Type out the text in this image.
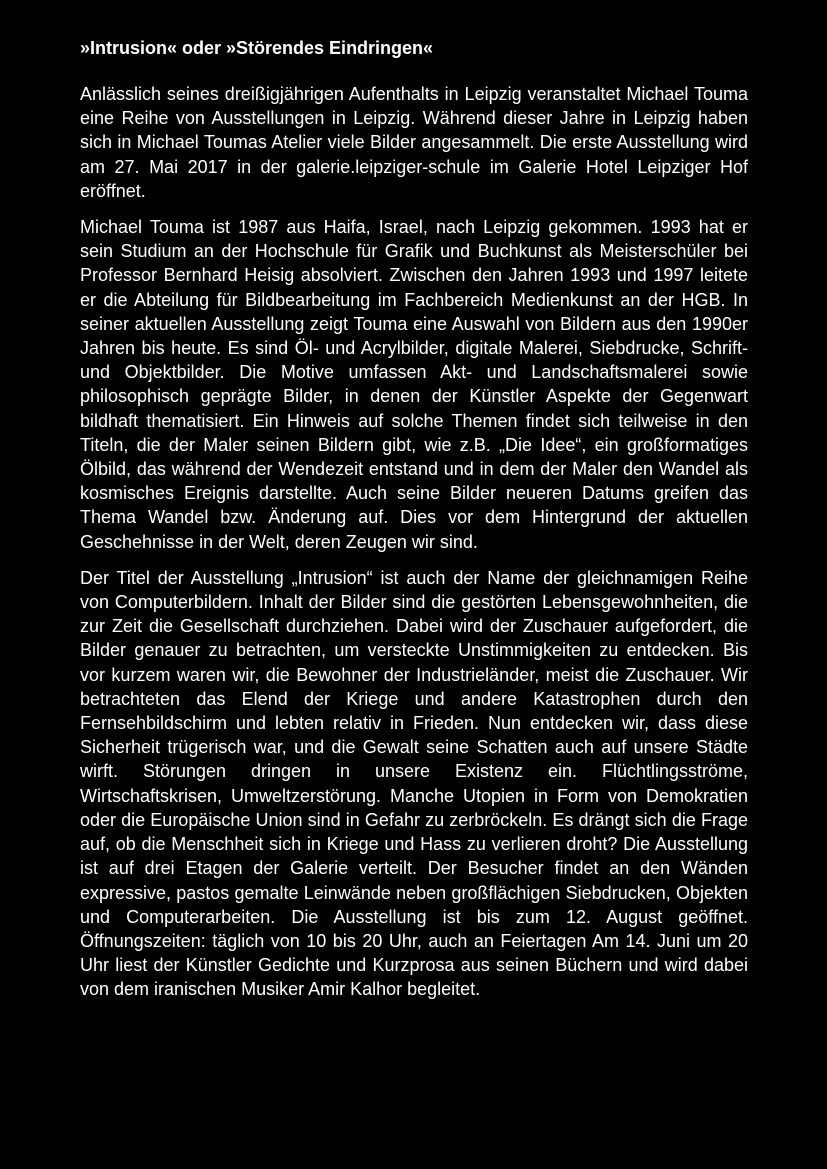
»Intrusion« oder »Störendes Eindringen«

Anlässlich seines dreißigjährigen Aufenthalts in Leipzig veranstaltet Michael Touma eine Reihe von Ausstellungen in Leipzig. Während dieser Jahre in Leipzig haben sich in Michael Toumas Atelier viele Bilder angesammelt. Die erste Ausstellung wird am 27. Mai 2017 in der galerie.leipziger-schule im Galerie Hotel Leipziger Hof eröffnet.

Michael Touma ist 1987 aus Haifa, Israel, nach Leipzig gekommen. 1993 hat er sein Studium an der Hochschule für Grafik und Buchkunst als Meisterschüler bei Professor Bernhard Heisig absolviert. Zwischen den Jahren 1993 und 1997 leitete er die Abteilung für Bildbearbeitung im Fachbereich Medienkunst an der HGB. In seiner aktuellen Ausstellung zeigt Touma eine Auswahl von Bildern aus den 1990er Jahren bis heute. Es sind Öl- und Acrylbilder, digitale Malerei, Siebdrucke, Schrift- und Objektbilder. Die Motive umfassen Akt- und Landschaftsmalerei sowie philosophisch geprägte Bilder, in denen der Künstler Aspekte der Gegenwart bildhaft thematisiert. Ein Hinweis auf solche Themen findet sich teilweise in den Titeln, die der Maler seinen Bildern gibt, wie z.B. „Die Idee“, ein großformatiges Ölbild, das während der Wendezeit entstand und in dem der Maler den Wandel als kosmisches Ereignis darstellte. Auch seine Bilder neueren Datums greifen das Thema Wandel bzw. Änderung auf. Dies vor dem Hintergrund der aktuellen Geschehnisse in der Welt, deren Zeugen wir sind.

Der Titel der Ausstellung „Intrusion“ ist auch der Name der gleichnamigen Reihe von Computerbildern. Inhalt der Bilder sind die gestörten Lebensgewohnheiten, die zur Zeit die Gesellschaft durchziehen. Dabei wird der Zuschauer aufgefordert, die Bilder genauer zu betrachten, um versteckte Unstimmigkeiten zu entdecken. Bis vor kurzem waren wir, die Bewohner der Industrieländer, meist die Zuschauer. Wir betrachteten das Elend der Kriege und andere Katastrophen durch den Fernsehbildschirm und lebten relativ in Frieden. Nun entdecken wir, dass diese Sicherheit trügerisch war, und die Gewalt seine Schatten auch auf unsere Städte wirft. Störungen dringen in unsere Existenz ein. Flüchtlingsströme, Wirtschaftskrisen, Umweltzerstörung. Manche Utopien in Form von Demokratien oder die Europäische Union sind in Gefahr zu zerbröckeln. Es drängt sich die Frage auf, ob die Menschheit sich in Kriege und Hass zu verlieren droht? Die Ausstellung ist auf drei Etagen der Galerie verteilt. Der Besucher findet an den Wänden expressive, pastos gemalte Leinwände neben großflächigen Siebdrucken, Objekten und Computerarbeiten. Die Ausstellung ist bis zum 12. August geöffnet. Öffnungszeiten: täglich von 10 bis 20 Uhr, auch an Feiertagen Am 14. Juni um 20 Uhr liest der Künstler Gedichte und Kurzprosa aus seinen Büchern und wird dabei von dem iranischen Musiker Amir Kalhor begleitet.
